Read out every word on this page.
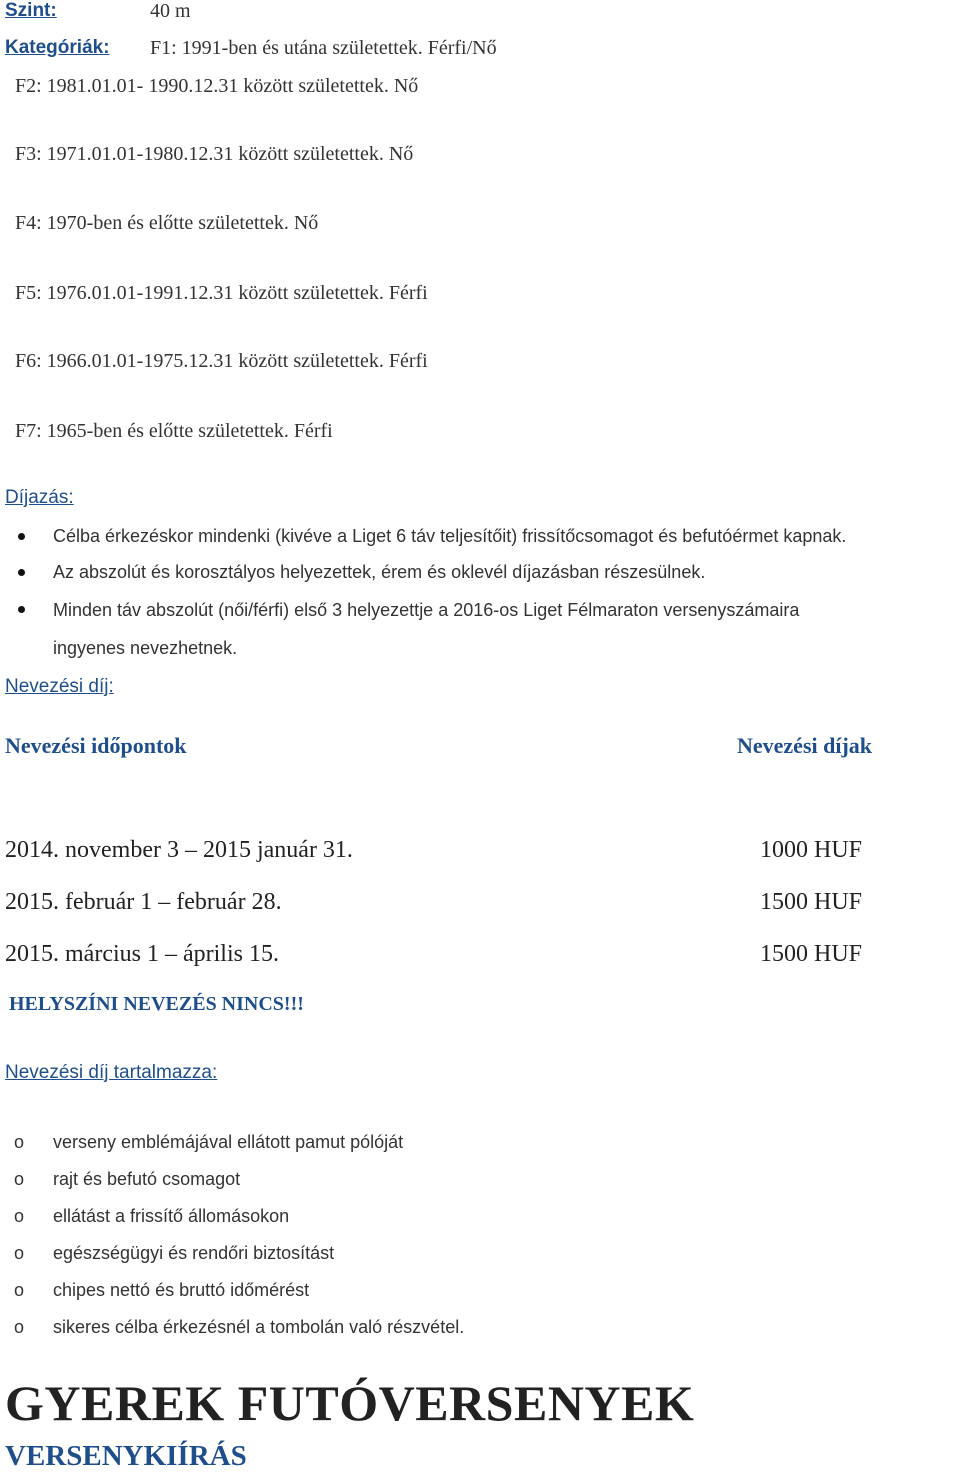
Szint:	40 m
Kategóriák: F1: 1991-ben és utána születettek. Férfi/Nő
F2: 1981.01.01- 1990.12.31 között születettek. Nő
F3: 1971.01.01-1980.12.31 között születettek. Nő
F4: 1970-ben és előtte születettek. Nő
F5: 1976.01.01-1991.12.31 között születettek. Férfi
F6: 1966.01.01-1975.12.31 között születettek. Férfi
F7: 1965-ben és előtte születettek. Férfi
Díjazás:
Célba érkezéskor mindenki (kivéve a Liget 6 táv teljesítőit) frissítőcsomagot és befutóérmet kapnak.
Az abszolút és korosztályos helyezettek, érem és oklevél díjazásban részesülnek.
Minden táv abszolút (női/férfi) első 3 helyezettje a 2016-os Liget Félmaraton versenyszámaira
ingyenes nevezhetnek.
Nevezési díj:
Nevezési időpontok	Nevezési díjak
2014. november 3 – 2015 január 31.	1000 HUF
2015. február 1 – február 28.	1500 HUF
2015. március 1 – április 15.	1500 HUF
HELYSZÍNI NEVEZÉS NINCS!!!
Nevezési díj tartalmazza:
o verseny emblémájával ellátott pamut pólóját
o rajt és befutó csomagot
o ellátást a frissítő állomásokon
o egészségügyi és rendőri biztosítást
o chipes nettó és bruttó időmérést
o sikeres célba érkezésnél a tombolán való részvétel.
GYEREK FUTÓVERSENYEK
VERSENYKIÍRÁS
